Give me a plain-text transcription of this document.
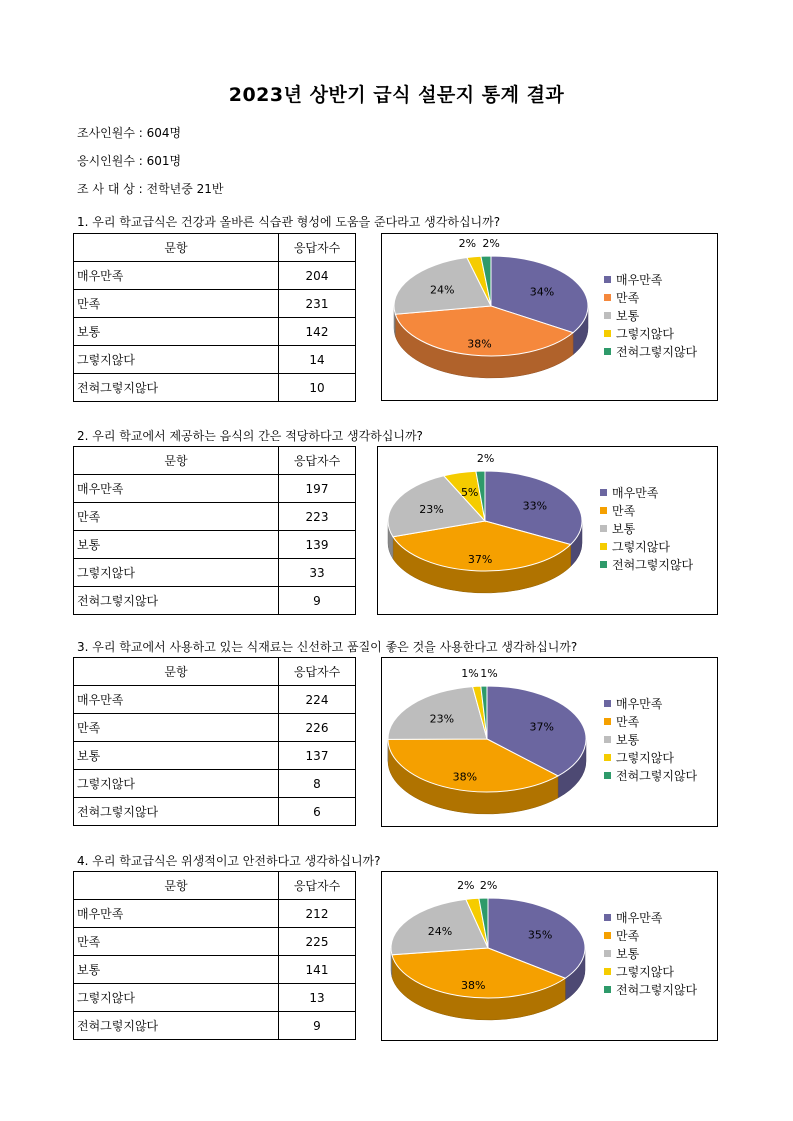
2023년 상반기 급식 설문지 통계 결과
조사인원수 : 604명
응시인원수 : 601명
조 사 대 상 : 전학년중 21반
1. 우리 학교급식은 건강과 올바른 식습관 형성에 도움을 준다라고 생각하십니까?
문항	응답자수
매우만족	204
만족	231
보통	142
그렇지않다	14
전혀그렇지않다	10
34%
38%
24%
2% 2%
매우만족
만족
보통
그렇지않다
전혀그렇지않다
2. 우리 학교에서 제공하는 음식의 간은 적당하다고 생각하십니까?
문항	응답자수
매우만족	197
만족	223
보통	139
그렇지않다	33
전혀그렇지않다	9
33%
37%
23%
5%
2%
매우만족
만족
보통
그렇지않다
전혀그렇지않다
3. 우리 학교에서 사용하고 있는 식재료는 신선하고 품질이 좋은 것을 사용한다고 생각하십니까?
문항	응답자수
매우만족	224
만족	226
보통	137
그렇지않다	8
전혀그렇지않다	6
37%
38%
23%
1% 1%
매우만족
만족
보통
그렇지않다
전혀그렇지않다
4. 우리 학교급식은 위생적이고 안전하다고 생각하십니까?
문항	응답자수
매우만족	212
만족	225
보통	141
그렇지않다	13
전혀그렇지않다	9
35%
38%
24%
2% 2%
매우만족
만족
보통
그렇지않다
전혀그렇지않다
